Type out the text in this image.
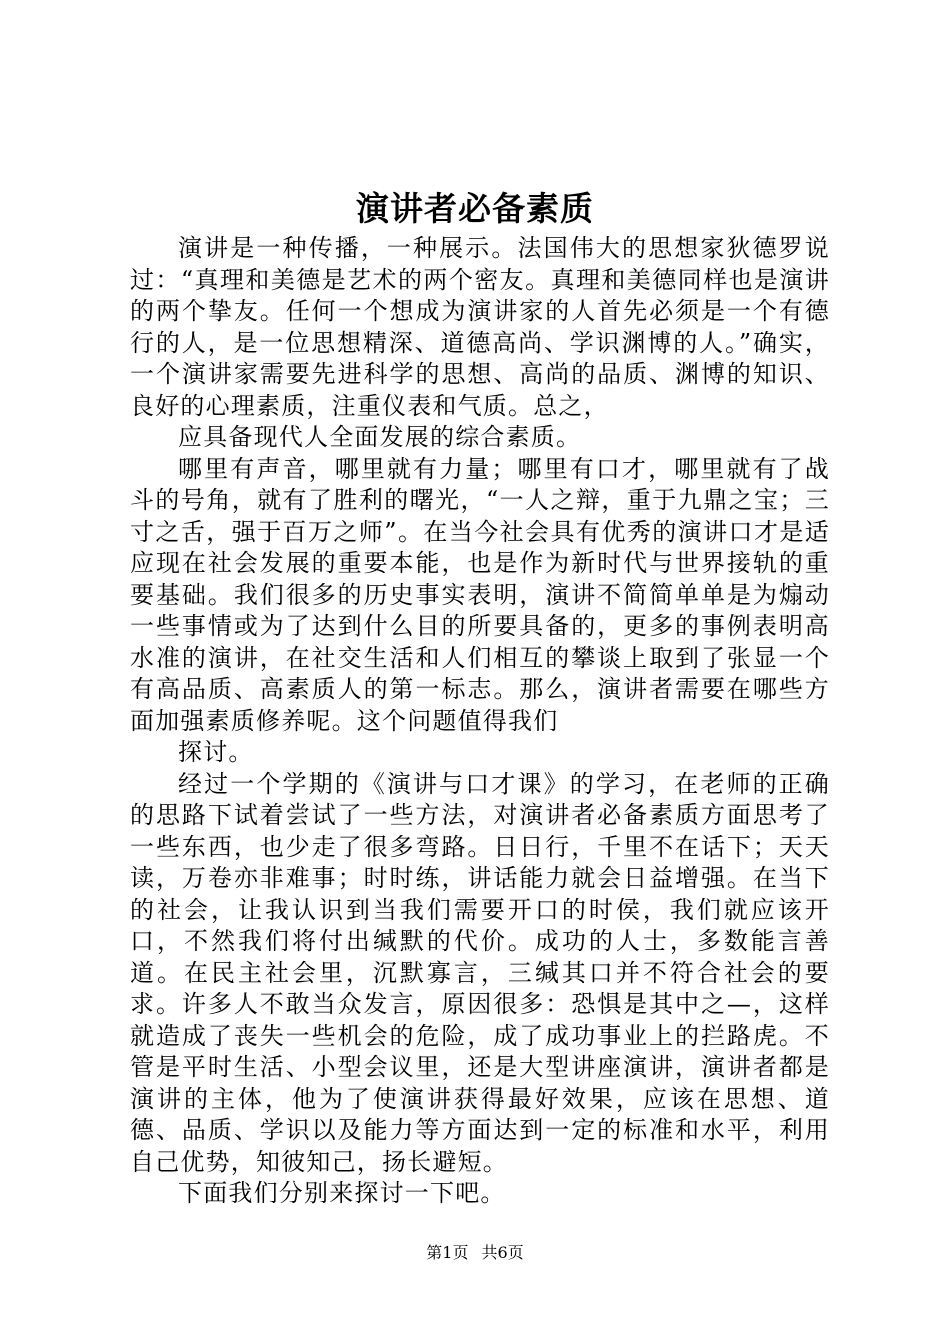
演讲者必备素质

演讲是一种传播，一种展示。法国伟大的思想家狄德罗说过：“真理和美德是艺术的两个密友。真理和美德同样也是演讲的两个挚友。任何一个想成为演讲家的人首先必须是一个有德行的人，是一位思想精深、道德高尚、学识渊博的人。”确实，一个演讲家需要先进科学的思想、高尚的品质、渊博的知识、良好的心理素质，注重仪表和气质。总之，

应具备现代人全面发展的综合素质。

哪里有声音，哪里就有力量；哪里有口才，哪里就有了战斗的号角，就有了胜利的曙光，“一人之辩，重于九鼎之宝；三寸之舌，强于百万之师”。在当今社会具有优秀的演讲口才是适应现在社会发展的重要本能，也是作为新时代与世界接轨的重要基础。我们很多的历史事实表明，演讲不简简单单是为煽动一些事情或为了达到什么目的所要具备的，更多的事例表明高水准的演讲，在社交生活和人们相互的攀谈上取到了张显一个有高品质、高素质人的第一标志。那么，演讲者需要在哪些方面加强素质修养呢。这个问题值得我们

探讨。

经过一个学期的《演讲与口才课》的学习，在老师的正确的思路下试着尝试了一些方法，对演讲者必备素质方面思考了一些东西，也少走了很多弯路。日日行，千里不在话下；天天读，万卷亦非难事；时时练，讲话能力就会日益增强。在当下的社会，让我认识到当我们需要开口的时侯，我们就应该开口，不然我们将付出缄默的代价。成功的人士，多数能言善道。在民主社会里，沉默寡言，三缄其口并不符合社会的要求。许多人不敢当众发言，原因很多：恐惧是其中之—，这样就造成了丧失一些机会的危险，成了成功事业上的拦路虎。不管是平时生活、小型会议里，还是大型讲座演讲，演讲者都是演讲的主体，他为了使演讲获得最好效果，应该在思想、道德、品质、学识以及能力等方面达到一定的标准和水平，利用自己优势，知彼知己，扬长避短。

下面我们分别来探讨一下吧。

第1页 共6页
